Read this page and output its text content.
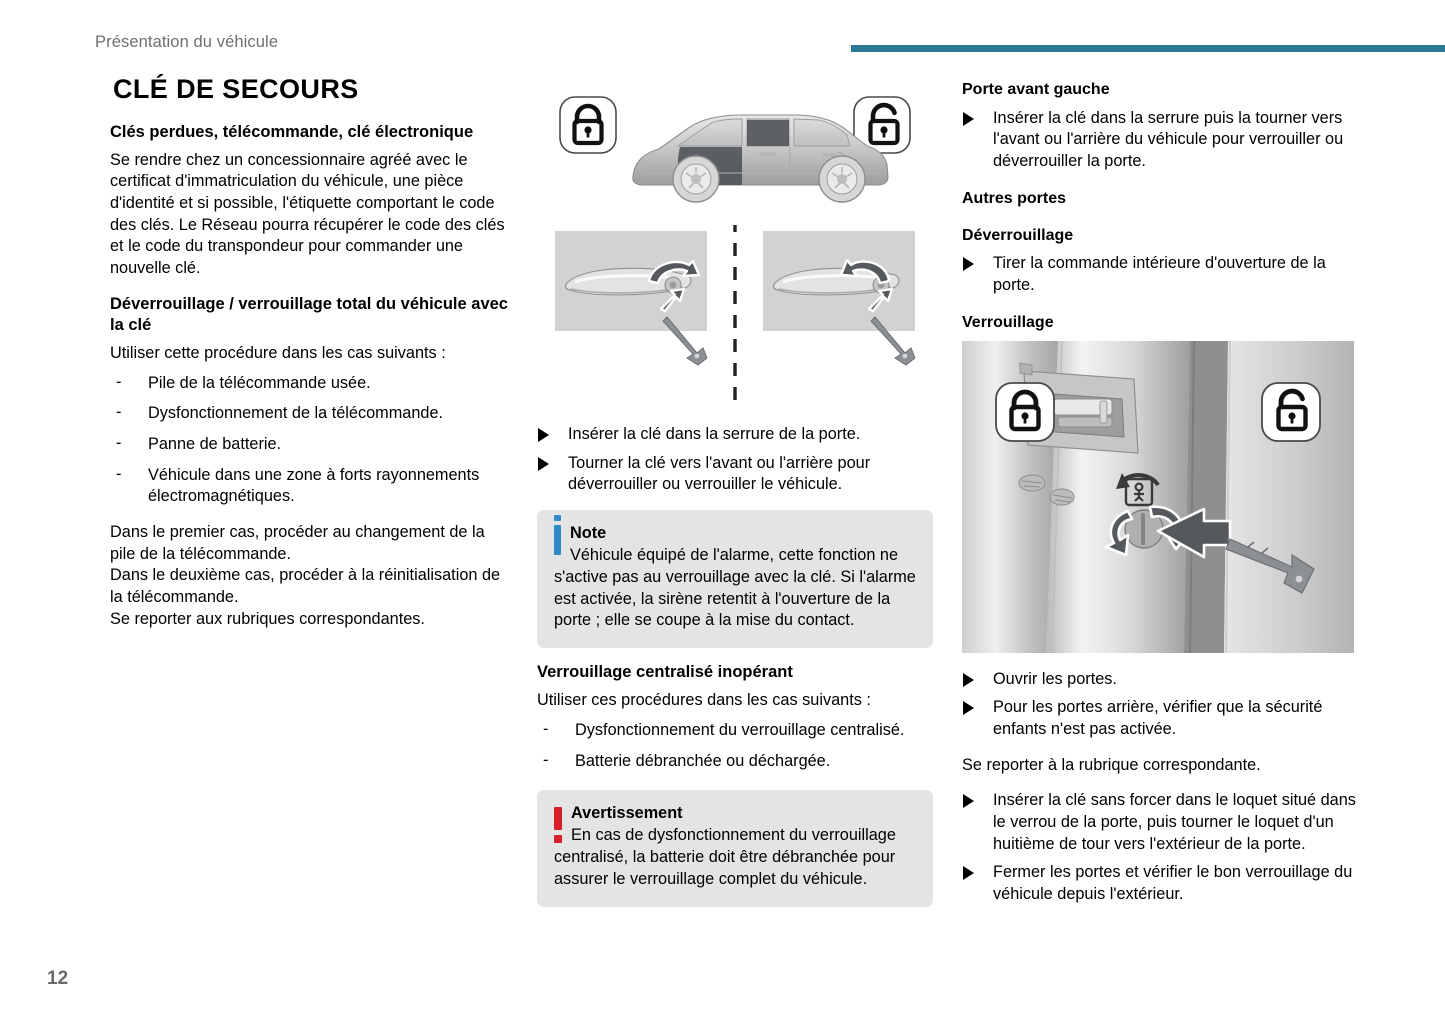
Présentation du véhicule
CLÉ DE SECOURS
Clés perdues, télécommande, clé électronique

Se rendre chez un concessionnaire agréé avec le certificat d'immatriculation du véhicule, une pièce d'identité et si possible, l'étiquette comportant le code des clés. Le Réseau pourra récupérer le code des clés et le code du transpondeur pour commander une nouvelle clé.

Déverrouillage / verrouillage total du véhicule avec la clé

Utiliser cette procédure dans les cas suivants :

- Pile de la télécommande usée.
- Dysfonctionnement de la télécommande.
- Panne de batterie.
- Véhicule dans une zone à forts rayonnements électromagnétiques.

Dans le premier cas, procéder au changement de la pile de la télécommande.

Dans le deuxième cas, procéder à la réinitialisation de la télécommande.

Se reporter aux rubriques correspondantes.

Insérer la clé dans la serrure de la porte.
Tourner la clé vers l'avant ou l'arrière pour déverrouiller ou verrouiller le véhicule.

Note
Véhicule équipé de l'alarme, cette fonction ne s'active pas au verrouillage avec la clé. Si l'alarme est activée, la sirène retentit à l'ouverture de la porte ; elle se coupe à la mise du contact.

Verrouillage centralisé inopérant

Utiliser ces procédures dans les cas suivants :

- Dysfonctionnement du verrouillage centralisé.
- Batterie débranchée ou déchargée.

Avertissement
En cas de dysfonctionnement du verrouillage centralisé, la batterie doit être débranchée pour assurer le verrouillage complet du véhicule.

Porte avant gauche
Insérer la clé dans la serrure puis la tourner vers l'avant ou l'arrière du véhicule pour verrouiller ou déverrouiller la porte.
Autres portes
Déverrouillage
Tirer la commande intérieure d'ouverture de la porte.
Verrouillage
Ouvrir les portes.
Pour les portes arrière, vérifier que la sécurité enfants n'est pas activée.

Se reporter à la rubrique correspondante.

Insérer la clé sans forcer dans le loquet situé dans le verrou de la porte, puis tourner le loquet d'un huitième de tour vers l'extérieur de la porte.
Fermer les portes et vérifier le bon verrouillage du véhicule depuis l'extérieur.
12
